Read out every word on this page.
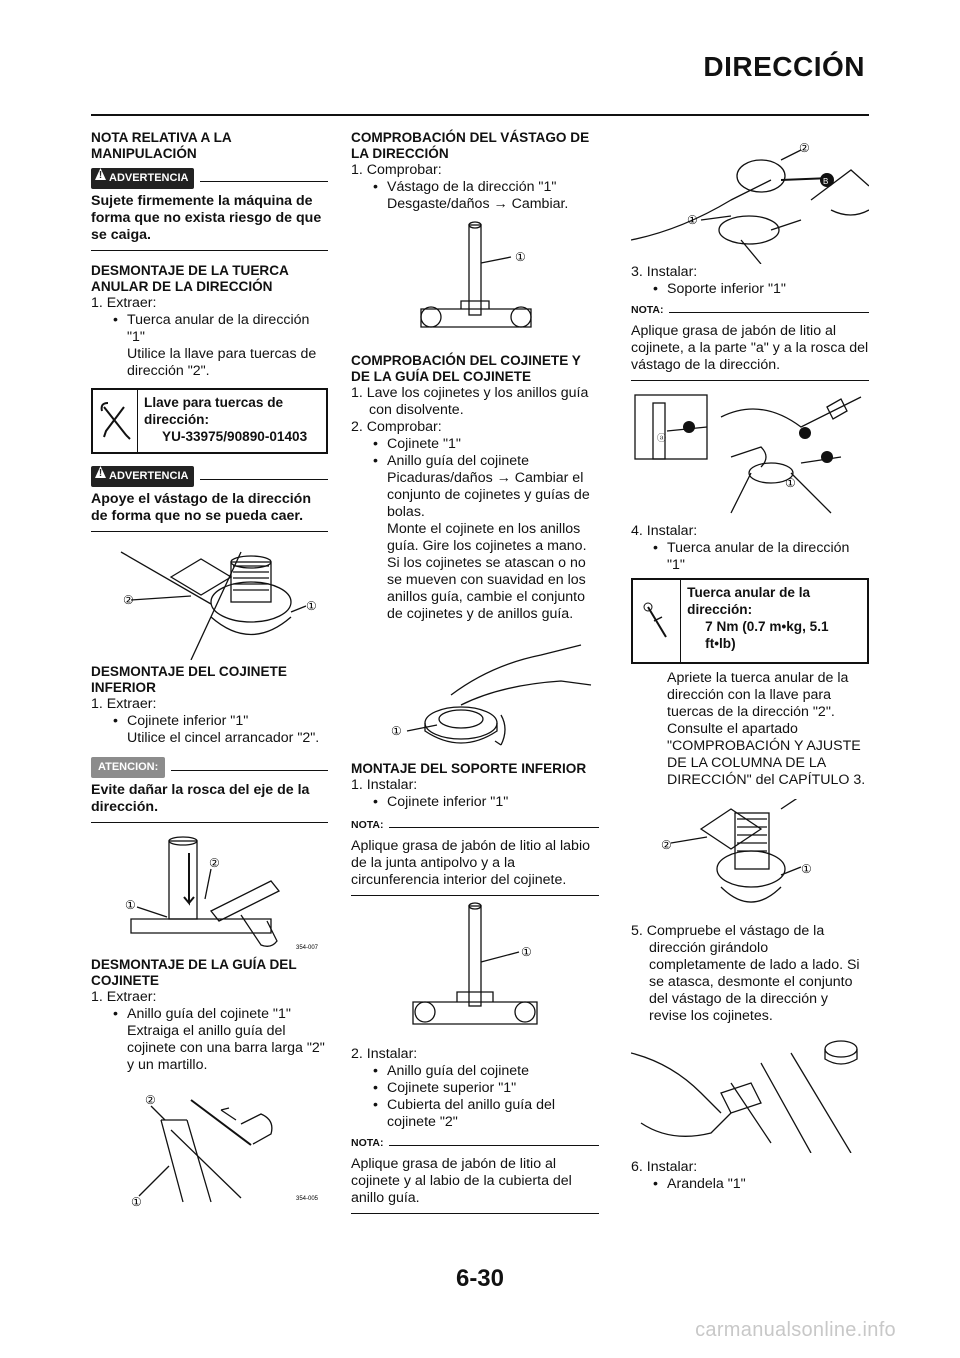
DIRECCIÓN
NOTA RELATIVA A LA MANIPULACIÓN
! ADVERTENCIA
Sujete firmemente la máquina de forma que no exista riesgo de que se caiga.
DESMONTAJE DE LA TUERCA ANULAR DE LA DIRECCIÓN
1. Extraer:
• Tuerca anular de la dirección "1"
Utilice la llave para tuercas de dirección "2".
Llave para tuercas de dirección:
YU-33975/90890-01403
! ADVERTENCIA
Apoye el vástago de la dirección de forma que no se pueda caer.
②	①
DESMONTAJE DEL COJINETE INFERIOR
1. Extraer:
• Cojinete inferior "1"
Utilice el cincel arrancador "2".
ATENCION:
Evite dañar la rosca del eje de la dirección.
①
②
354-007
DESMONTAJE DE LA GUÍA DEL COJINETE
1. Extraer:
• Anillo guía del cojinete "1"
Extraiga el anillo guía del cojinete con una barra larga "2" y un martillo.
②
①	354-005
COMPROBACIÓN DEL VÁSTAGO DE LA DIRECCIÓN
1. Comprobar:
• Vástago de la dirección "1"
Desgaste/daños → Cambiar.
①
COMPROBACIÓN DEL COJINETE Y DE LA GUÍA DEL COJINETE
1. Lave los cojinetes y los anillos guía con disolvente.
2. Comprobar:
• Cojinete "1"
• Anillo guía del cojinete
Picaduras/daños → Cambiar el conjunto de cojinetes y guías de bolas.
Monte el cojinete en los anillos guía. Gire los cojinetes a mano. Si los cojinetes se atascan o no se mueven con suavidad en los anillos guía, cambie el conjunto de cojinetes y de anillos guía.
①
MONTAJE DEL SOPORTE INFERIOR
1. Instalar:
• Cojinete inferior "1"
NOTA:
Aplique grasa de jabón de litio al labio de la junta antipolvo y a la circunferencia interior del cojinete.
①
2. Instalar:
• Anillo guía del cojinete
• Cojinete superior "1"
• Cubierta del anillo guía del cojinete "2"
NOTA:
Aplique grasa de jabón de litio al cojinete y al labio de la cubierta del anillo guía.
B
②
①
3. Instalar:
• Soporte inferior "1"
NOTA:
Aplique grasa de jabón de litio al cojinete, a la parte "a" y a la rosca del vástago de la dirección.
ⓐ
①
4. Instalar:
• Tuerca anular de la dirección "1"
Tuerca anular de la dirección:
7 Nm (0.7 m•kg, 5.1 ft•lb)
Apriete la tuerca anular de la dirección con la llave para tuercas de la dirección "2".
Consulte el apartado "COMPROBACIÓN Y AJUSTE DE LA COLUMNA DE LA DIRECCIÓN" del CAPÍTULO 3.
②
①
5. Compruebe el vástago de la dirección girándolo completamente de lado a lado. Si se atasca, desmonte el conjunto del vástago de la dirección y revise los cojinetes.
6. Instalar:
• Arandela "1"
6-30
carmanualsonline.info
